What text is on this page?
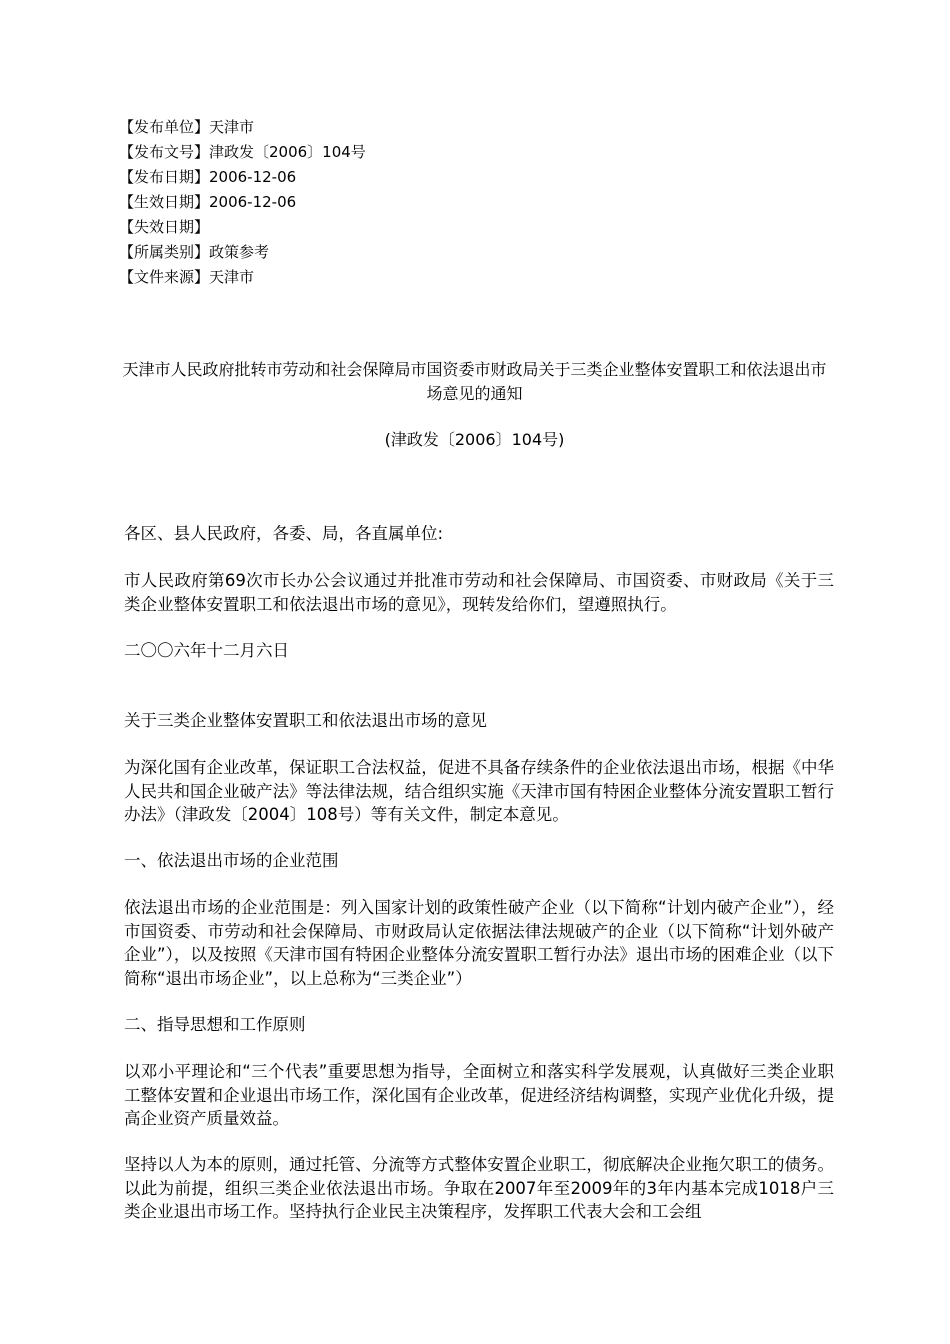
【发布单位】天津市
【发布文号】津政发〔2006〕104号
【发布日期】2006-12-06
【生效日期】2006-12-06
【失效日期】
【所属类别】政策参考
【文件来源】天津市
天津市人民政府批转市劳动和社会保障局市国资委市财政局关于三类企业整体安置职工和依法退出市场意见的通知
(津政发〔2006〕104号)
各区、县人民政府，各委、局，各直属单位:
市人民政府第69次市长办公会议通过并批准市劳动和社会保障局、市国资委、市财政局《关于三类企业整体安置职工和依法退出市场的意见》，现转发给你们，望遵照执行。
二〇〇六年十二月六日
关于三类企业整体安置职工和依法退出市场的意见
为深化国有企业改革，保证职工合法权益，促进不具备存续条件的企业依法退出市场，根据《中华人民共和国企业破产法》等法律法规，结合组织实施《天津市国有特困企业整体分流安置职工暂行办法》（津政发〔2004〕108号）等有关文件，制定本意见。
一、依法退出市场的企业范围
依法退出市场的企业范围是：列入国家计划的政策性破产企业（以下简称“计划内破产企业”），经市国资委、市劳动和社会保障局、市财政局认定依据法律法规破产的企业（以下简称“计划外破产企业”），以及按照《天津市国有特困企业整体分流安置职工暂行办法》退出市场的困难企业（以下简称“退出市场企业”，以上总称为“三类企业”）
二、指导思想和工作原则
以邓小平理论和“三个代表”重要思想为指导，全面树立和落实科学发展观，认真做好三类企业职工整体安置和企业退出市场工作，深化国有企业改革，促进经济结构调整，实现产业优化升级，提高企业资产质量效益。
坚持以人为本的原则，通过托管、分流等方式整体安置企业职工，彻底解决企业拖欠职工的债务。以此为前提，组织三类企业依法退出市场。争取在2007年至2009年的3年内基本完成1018户三类企业退出市场工作。坚持执行企业民主决策程序，发挥职工代表大会和工会组
